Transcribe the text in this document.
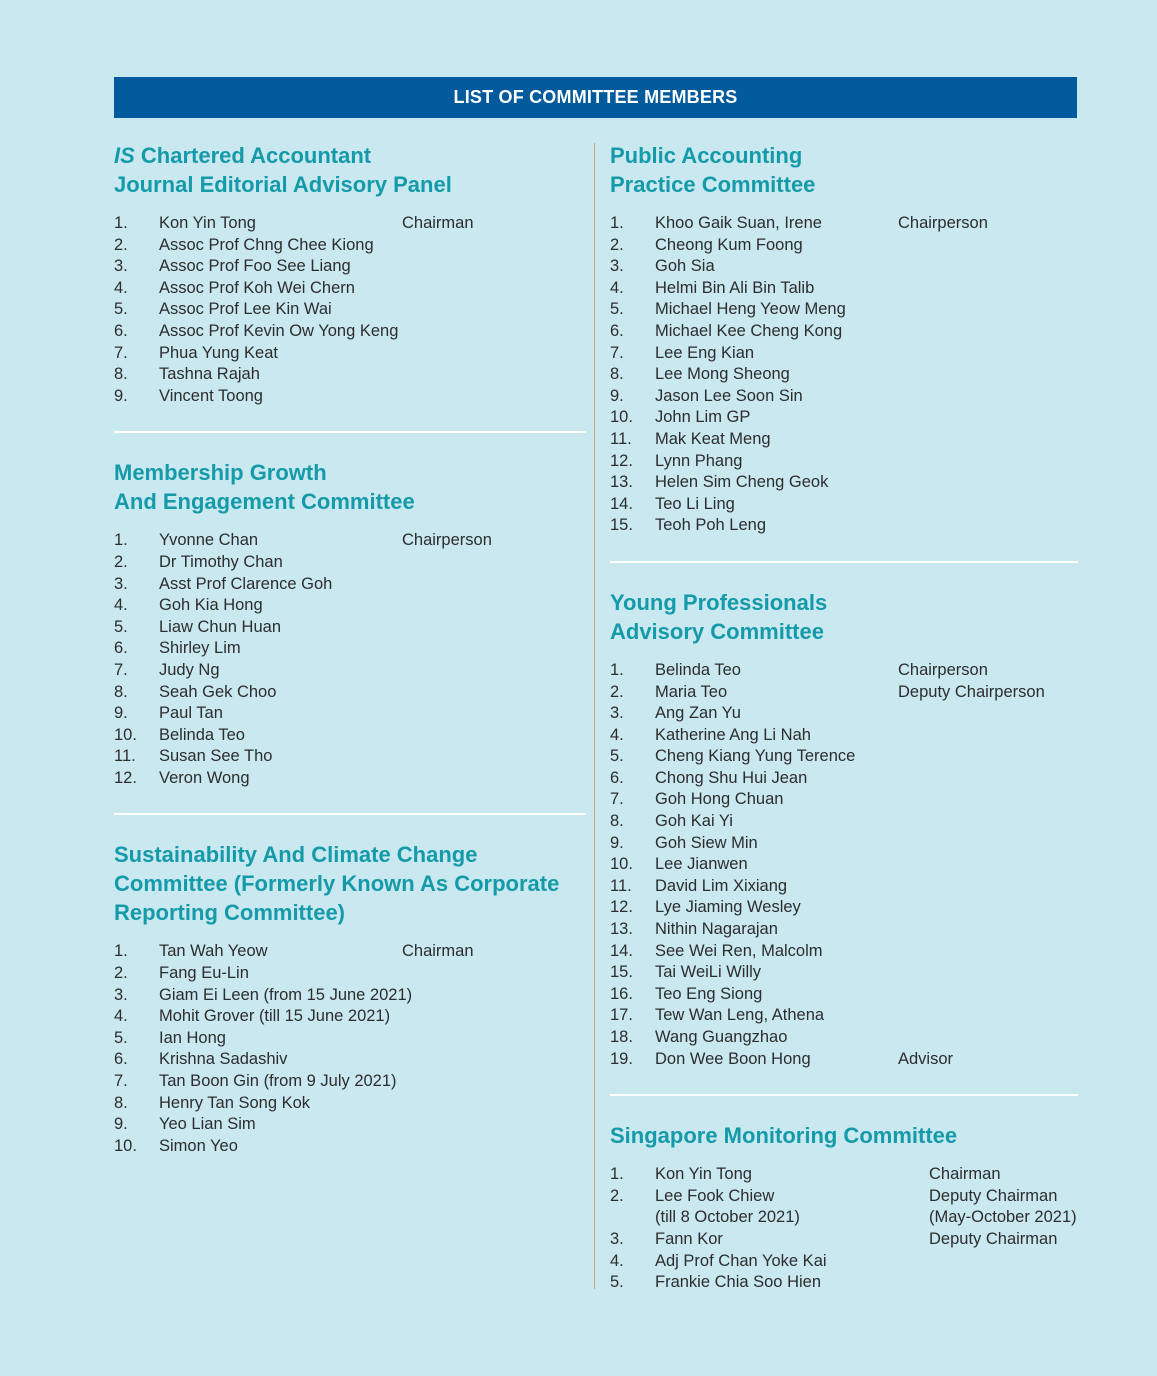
LIST OF COMMITTEE MEMBERS
IS Chartered Accountant
Journal Editorial Advisory Panel
1. Kon Yin Tong	Chairman
2. Assoc Prof Chng Chee Kiong
3. Assoc Prof Foo See Liang
4. Assoc Prof Koh Wei Chern
5. Assoc Prof Lee Kin Wai
6. Assoc Prof Kevin Ow Yong Keng
7. Phua Yung Keat
8. Tashna Rajah
9. Vincent Toong
Membership Growth
And Engagement Committee
1. Yvonne Chan	Chairperson
2. Dr Timothy Chan
3. Asst Prof Clarence Goh
4. Goh Kia Hong
5. Liaw Chun Huan
6. Shirley Lim
7. Judy Ng
8. Seah Gek Choo
9. Paul Tan
10. Belinda Teo
11. Susan See Tho
12. Veron Wong
Sustainability And Climate Change
Committee (Formerly Known As Corporate
Reporting Committee)
1. Tan Wah Yeow	Chairman
2. Fang Eu-Lin
3. Giam Ei Leen (from 15 June 2021)
4. Mohit Grover (till 15 June 2021)
5. Ian Hong
6. Krishna Sadashiv
7. Tan Boon Gin (from 9 July 2021)
8. Henry Tan Song Kok
9. Yeo Lian Sim
10. Simon Yeo
Public Accounting
Practice Committee
1. Khoo Gaik Suan, Irene	Chairperson
2. Cheong Kum Foong
3. Goh Sia
4. Helmi Bin Ali Bin Talib
5. Michael Heng Yeow Meng
6. Michael Kee Cheng Kong
7. Lee Eng Kian
8. Lee Mong Sheong
9. Jason Lee Soon Sin
10. John Lim GP
11. Mak Keat Meng
12. Lynn Phang
13. Helen Sim Cheng Geok
14. Teo Li Ling
15. Teoh Poh Leng
Young Professionals
Advisory Committee
1. Belinda Teo	Chairperson
2. Maria Teo	Deputy Chairperson
3. Ang Zan Yu
4. Katherine Ang Li Nah
5. Cheng Kiang Yung Terence
6. Chong Shu Hui Jean
7. Goh Hong Chuan
8. Goh Kai Yi
9. Goh Siew Min
10. Lee Jianwen
11. David Lim Xixiang
12. Lye Jiaming Wesley
13. Nithin Nagarajan
14. See Wei Ren, Malcolm
15. Tai WeiLi Willy
16. Teo Eng Siong
17. Tew Wan Leng, Athena
18. Wang Guangzhao
19. Don Wee Boon Hong	Advisor
Singapore Monitoring Committee
1. Kon Yin Tong	Chairman
2. Lee Fook Chiew	Deputy Chairman
(till 8 October 2021)	(May-October 2021)
3. Fann Kor	Deputy Chairman
4. Adj Prof Chan Yoke Kai
5. Frankie Chia Soo Hien
